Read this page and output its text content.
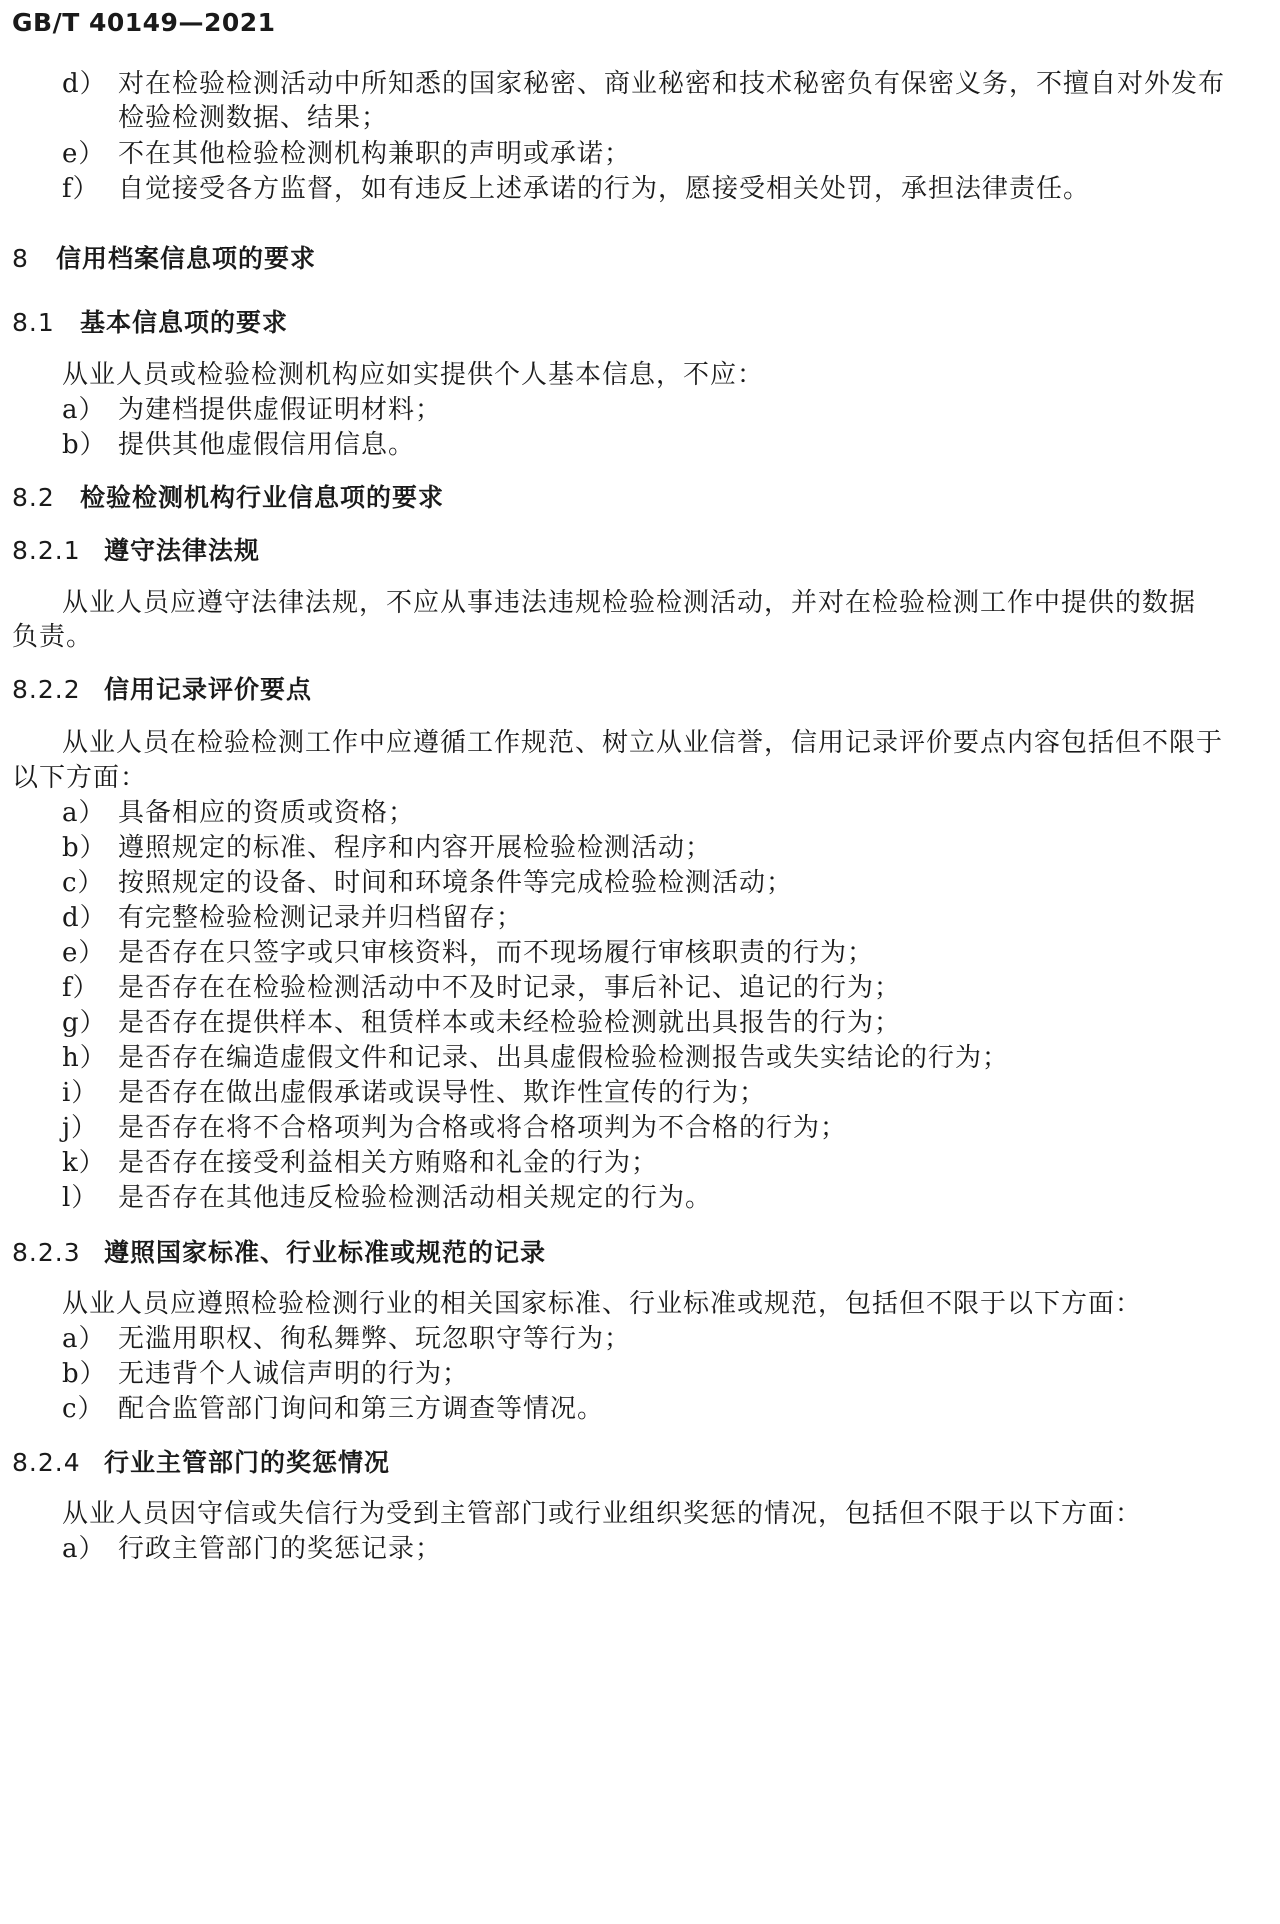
GB/T 40149—2021
d） 对在检验检测活动中所知悉的国家秘密、商业秘密和技术秘密负有保密义务，不擅自对外发布
检验检测数据、结果；
e） 不在其他检验检测机构兼职的声明或承诺；
f） 自觉接受各方监督，如有违反上述承诺的行为，愿接受相关处罚，承担法律责任。
8 信用档案信息项的要求
8.1 基本信息项的要求
从业人员或检验检测机构应如实提供个人基本信息，不应：
a） 为建档提供虚假证明材料；
b） 提供其他虚假信用信息。
8.2 检验检测机构行业信息项的要求
8.2.1 遵守法律法规
从业人员应遵守法律法规，不应从事违法违规检验检测活动，并对在检验检测工作中提供的数据
负责。
8.2.2 信用记录评价要点
从业人员在检验检测工作中应遵循工作规范、树立从业信誉，信用记录评价要点内容包括但不限于
以下方面：
a） 具备相应的资质或资格；
b） 遵照规定的标准、程序和内容开展检验检测活动；
c） 按照规定的设备、时间和环境条件等完成检验检测活动；
d） 有完整检验检测记录并归档留存；
e） 是否存在只签字或只审核资料，而不现场履行审核职责的行为；
f） 是否存在在检验检测活动中不及时记录，事后补记、追记的行为；
g） 是否存在提供样本、租赁样本或未经检验检测就出具报告的行为；
h） 是否存在编造虚假文件和记录、出具虚假检验检测报告或失实结论的行为；
i） 是否存在做出虚假承诺或误导性、欺诈性宣传的行为；
j） 是否存在将不合格项判为合格或将合格项判为不合格的行为；
k） 是否存在接受利益相关方贿赂和礼金的行为；
l） 是否存在其他违反检验检测活动相关规定的行为。
8.2.3 遵照国家标准、行业标准或规范的记录
从业人员应遵照检验检测行业的相关国家标准、行业标准或规范，包括但不限于以下方面：
a） 无滥用职权、徇私舞弊、玩忽职守等行为；
b） 无违背个人诚信声明的行为；
c） 配合监管部门询问和第三方调查等情况。
8.2.4 行业主管部门的奖惩情况
从业人员因守信或失信行为受到主管部门或行业组织奖惩的情况，包括但不限于以下方面：
a） 行政主管部门的奖惩记录；
